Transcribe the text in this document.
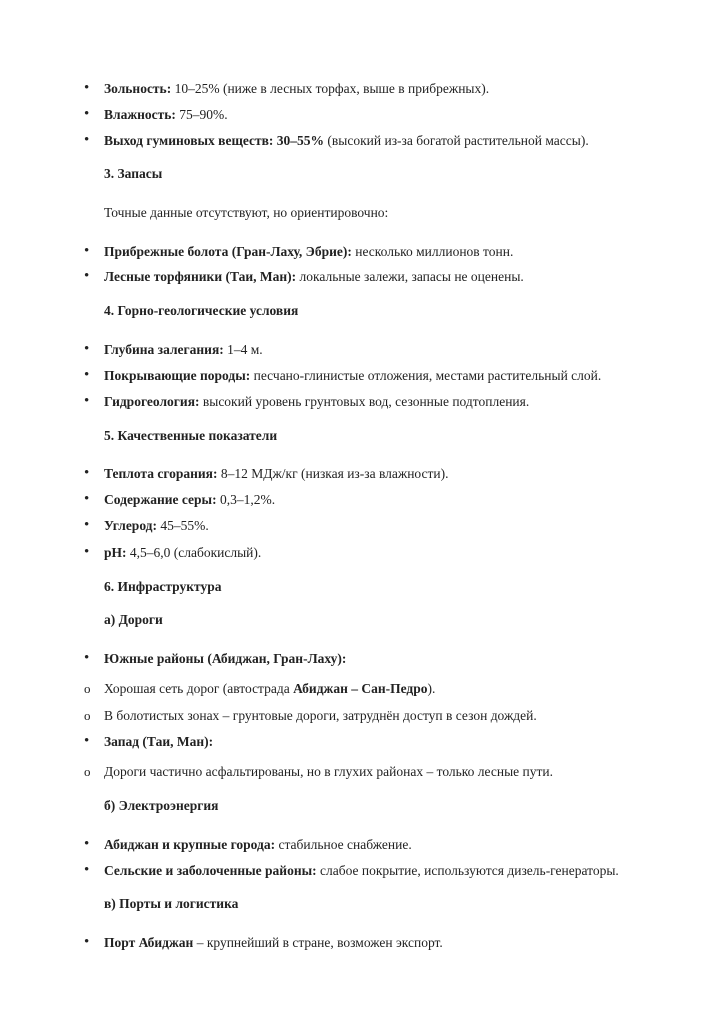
• Зольность: 10–25% (ниже в лесных торфах, выше в прибрежных).
• Влажность: 75–90%.
• Выход гуминовых веществ: 30–55% (высокий из-за богатой растительной массы).
3. Запасы
Точные данные отсутствуют, но ориентировочно:
• Прибрежные болота (Гран-Лаху, Эбрие): несколько миллионов тонн.
• Лесные торфяники (Таи, Ман): локальные залежи, запасы не оценены.
4. Горно-геологические условия
• Глубина залегания: 1–4 м.
• Покрывающие породы: песчано-глинистые отложения, местами растительный слой.
• Гидрогеология: высокий уровень грунтовых вод, сезонные подтопления.
5. Качественные показатели
• Теплота сгорания: 8–12 МДж/кг (низкая из-за влажности).
• Содержание серы: 0,3–1,2%.
• Углерод: 45–55%.
• pH: 4,5–6,0 (слабокислый).
6. Инфраструктура
а) Дороги
• Южные районы (Абиджан, Гран-Лаху):
o Хорошая сеть дорог (автострада Абиджан – Сан-Педро).
o В болотистых зонах – грунтовые дороги, затруднён доступ в сезон дождей.
• Запад (Таи, Ман):
o Дороги частично асфальтированы, но в глухих районах – только лесные пути.
б) Электроэнергия
• Абиджан и крупные города: стабильное снабжение.
• Сельские и заболоченные районы: слабое покрытие, используются дизель-генераторы.
в) Порты и логистика
• Порт Абиджан – крупнейший в стране, возможен экспорт.
